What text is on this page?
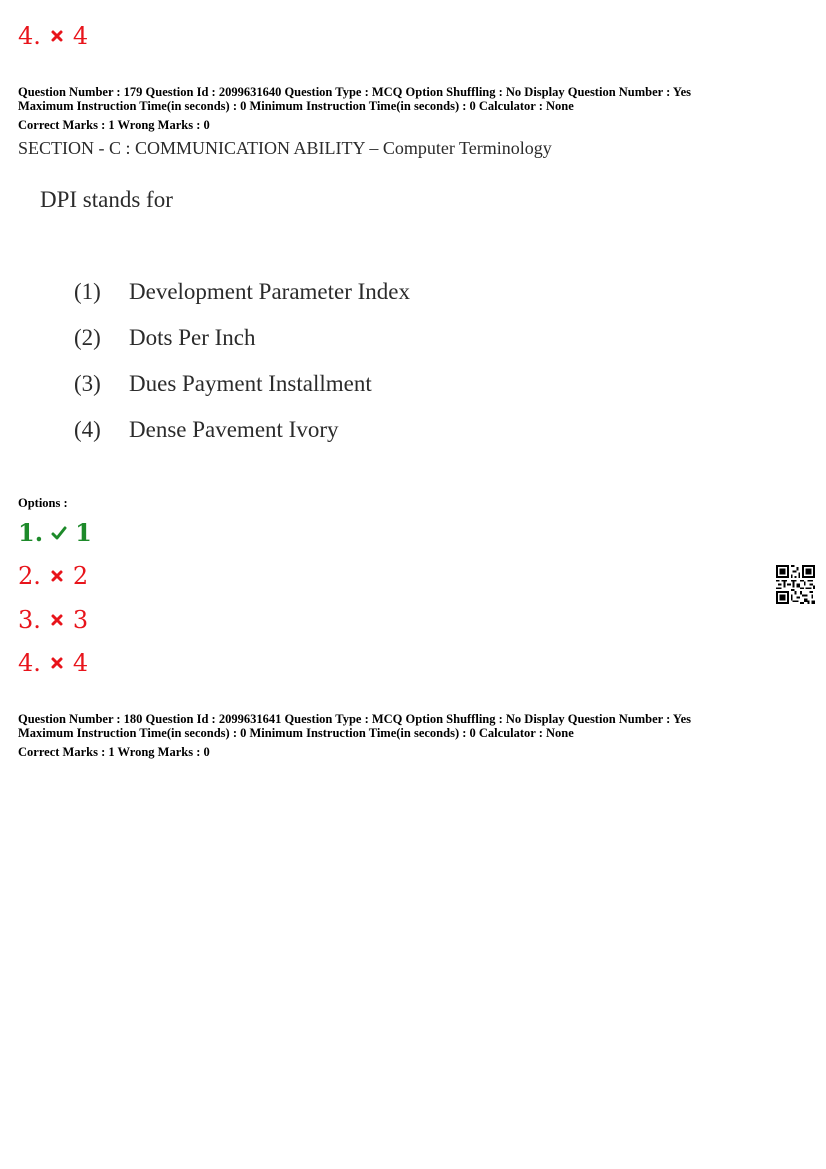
4. 4
Question Number : 179 Question Id : 2099631640 Question Type : MCQ Option Shuffling : No Display Question Number : Yes
Maximum Instruction Time(in seconds) : 0 Minimum Instruction Time(in seconds) : 0 Calculator : None
Correct Marks : 1 Wrong Marks : 0
SECTION - C : COMMUNICATION ABILITY – Computer Terminology
DPI stands for
(1) Development Parameter Index
(2) Dots Per Inch
(3) Dues Payment Installment
(4) Dense Pavement Ivory
Options :
1. 1
2. 2
3. 3
4. 4
Question Number : 180 Question Id : 2099631641 Question Type : MCQ Option Shuffling : No Display Question Number : Yes
Maximum Instruction Time(in seconds) : 0 Minimum Instruction Time(in seconds) : 0 Calculator : None
Correct Marks : 1 Wrong Marks : 0
